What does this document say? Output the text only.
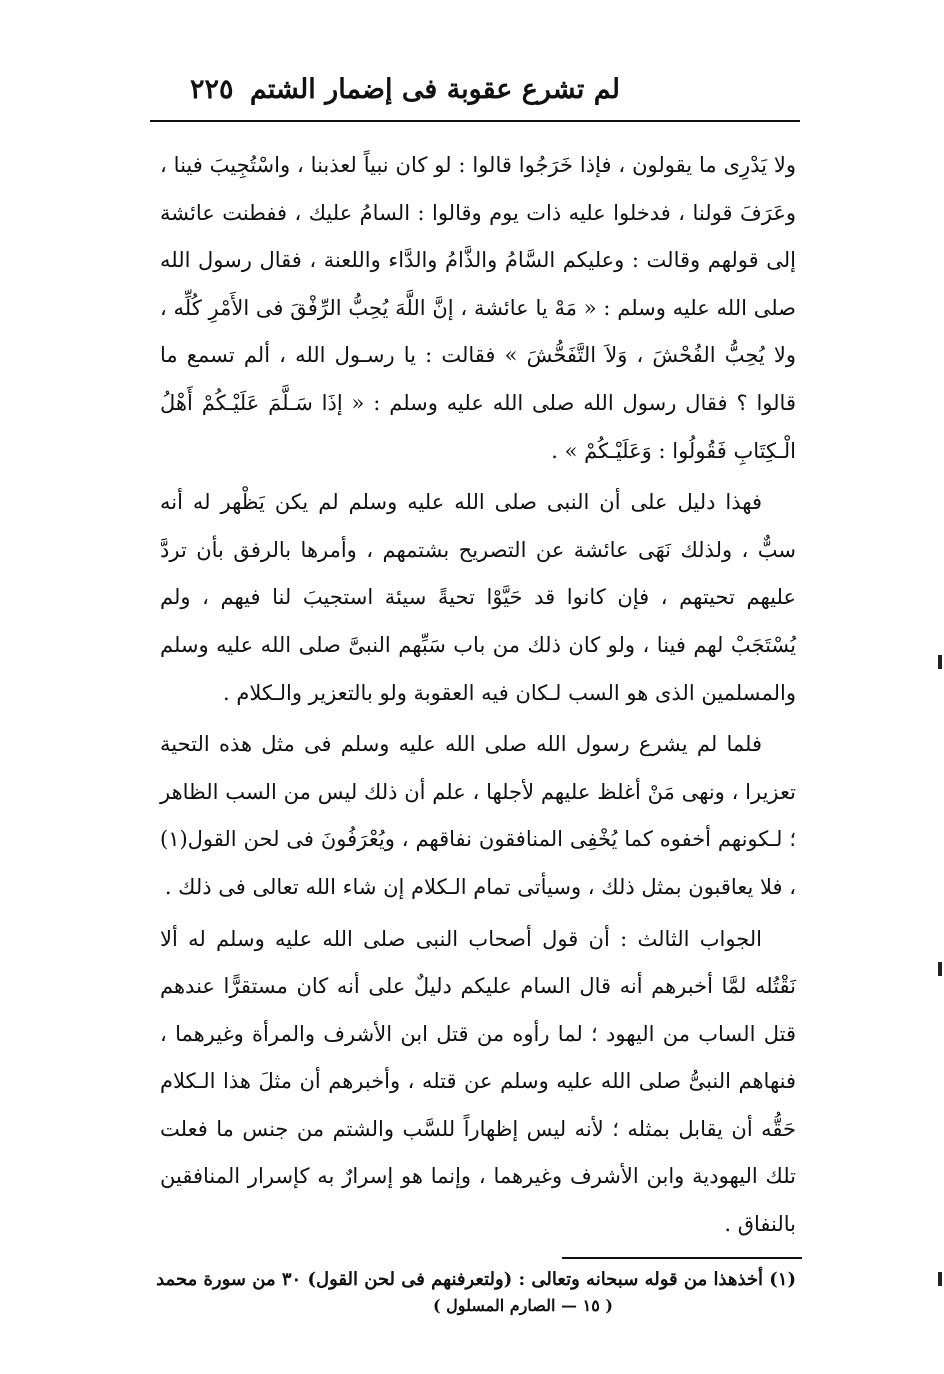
لم تشرع عقوبة فى إضمار الشتم
٢٢٥

ولا يَدْرِى ما يقولون ، فإذا خَرَجُوا قالوا : لو كان نبياً لعذبنا ، واسْتُجِيبَ فينا ، وعَرَفَ قولنا ، فدخلوا عليه ذات يوم وقالوا : السامُ عليك ، ففطنت عائشة إلى قولهم وقالت : وعليكم السَّامُ والذَّامُ والدَّاء واللعنة ، فقال رسول الله صلى الله عليه وسلم : « مَهْ يا عائشة ، إنَّ اللَّهَ يُحِبُّ الرِّفْقَ فى الأَمْرِ كُلِّه ، ولا يُحِبُّ الفُحْشَ ، وَلاَ التَّفَحُّشَ » فقالت : يا رسـول الله ، ألم تسمع ما قالوا ؟ فقال رسول الله صلى الله عليه وسلم : « إذَا سَـلَّمَ عَلَيْـكُمْ أَهْلُ الْـكِتَابِ فَقُولُوا : وَعَلَيْـكُمْ » .

فهذا دليل على أن النبى صلى الله عليه وسلم لم يكن يَظْهر له أنه سبٌّ ، ولذلك نَهَى عائشة عن التصريح بشتمهم ، وأمرها بالرفق بأن تردَّ عليهم تحيتهم ، فإن كانوا قد حَيَّوْا تحيةً سيئة استجيبَ لنا فيهم ، ولم يُسْتَجَبْ لهم فينا ، ولو كان ذلك من باب سَبِّهم النبىَّ صلى الله عليه وسلم والمسلمين الذى هو السب لـكان فيه العقوبة ولو بالتعزير والـكلام .

فلما لم يشرع رسول الله صلى الله عليه وسلم فى مثل هذه التحية تعزيرا ، ونهى مَنْ أغلظ عليهم لأجلها ، علم أن ذلك ليس من السب الظاهر ؛ لـكونهم أخفوه كما يُخْفِى المنافقون نفاقهم ، ويُعْرَفُونَ فى لحن القول(١) ، فلا يعاقبون بمثل ذلك ، وسيأتى تمام الـكلام إن شاء الله تعالى فى ذلك .

الجواب الثالث : أن قول أصحاب النبى صلى الله عليه وسلم له ألا نَقْتُله لمَّا أخبرهم أنه قال السام عليكم دليلٌ على أنه كان مستقرًّا عندهم قتل الساب من اليهود ؛ لما رأوه من قتل ابن الأشرف والمرأة وغيرهما ، فنهاهم النبىُّ صلى الله عليه وسلم عن قتله ، وأخبرهم أن مثلَ هذا الـكلام حَقُّه أن يقابل بمثله ؛ لأنه ليس إظهاراً للسَّب والشتم من جنس ما فعلت تلك اليهودية وابن الأشرف وغيرهما ، وإنما هو إسرارٌ به كإسرار المنافقين بالنفاق .

(١) أخذهذا من قوله سبحانه وتعالى : (ولتعرفنهم فى لحن القول) ٣٠ من سورة محمد
( ١٥ — الصارم المسلول )
